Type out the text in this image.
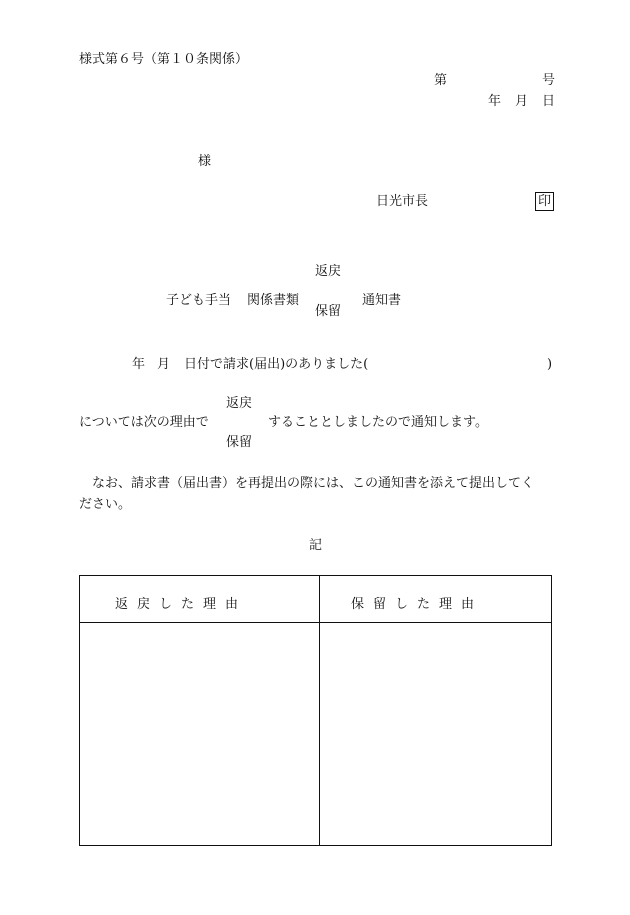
様式第６号（第１０条関係）
第	号
年 月 日
様
日光市長	印
返戻
子ども手当 関係書類	通知書
保留
年 月 日付で請求(届出)のありました(	)
返戻
については次の理由で	することとしましたので通知します。
保留
なお、請求書（届出書）を再提出の際には、この通知書を添えて提出してく
ださい。
記
返戻した理由	保留した理由
